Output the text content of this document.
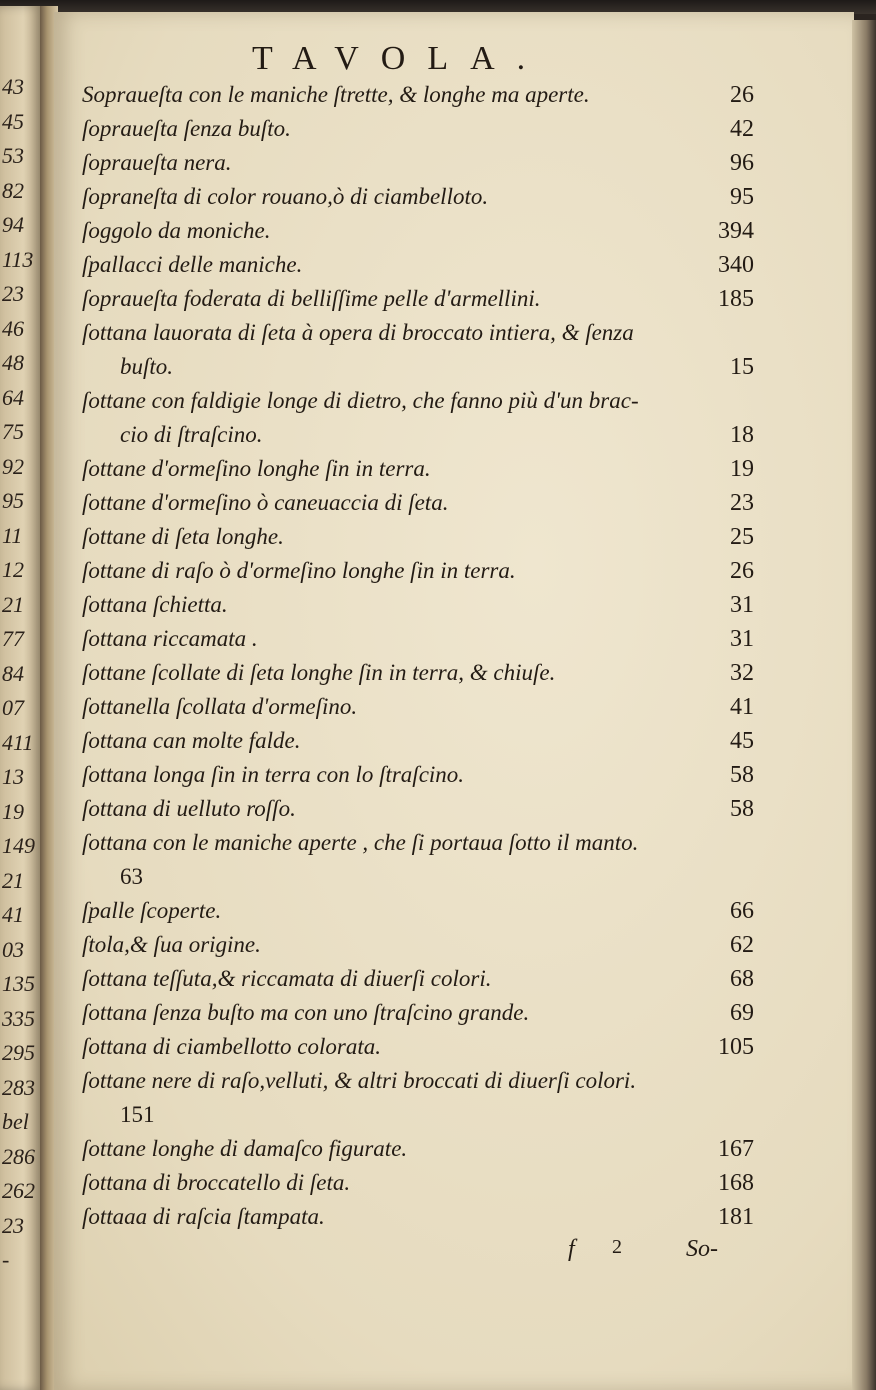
43
45
53
82
94
113
23
46
48
64
75
92
95
11
12
21
77
84
07
411
13
19
149
21
41
03
135
335
295
283
bel
286
262
23
-
TAVOLA.
Sopraueſta con le maniche ſtrette, & longhe ma aperte.	26
ſopraueſta ſenza buſto.	42
ſopraueſta nera.	96
ſopraneſta di color rouano,ò di ciambelloto.	95
ſoggolo da moniche.	394
ſpallacci delle maniche.	340
ſopraueſta foderata di belliſſime pelle d'armellini.	185
ſottana lauorata di ſeta à opera di broccato intiera, & ſenza
buſto.	15
ſottane con faldigie longe di dietro, che fanno più d'un brac-
cio di ſtraſcino.	18
ſottane d'ormeſino longhe ſin in terra.	19
ſottane d'ormeſino ò caneuaccia di ſeta.	23
ſottane di ſeta longhe.	25
ſottane di raſo ò d'ormeſino longhe ſin in terra.	26
ſottana ſchietta.	31
ſottana riccamata .	31
ſottane ſcollate di ſeta longhe ſin in terra, & chiuſe.	32
ſottanella ſcollata d'ormeſino.	41
ſottana can molte falde.	45
ſottana longa ſin in terra con lo ſtraſcino.	58
ſottana di uelluto roſſo.	58
ſottana con le maniche aperte , che ſi portaua ſotto il manto.
63
ſpalle ſcoperte.	66
ſtola,& ſua origine.	62
ſottana teſſuta,& riccamata di diuerſi colori.	68
ſottana ſenza buſto ma con uno ſtraſcino grande.	69
ſottana di ciambellotto colorata.	105
ſottane nere di raſo,velluti, & altri broccati di diuerſi colori.
151
ſottane longhe di damaſco figurate.	167
ſottana di broccatello di ſeta.	168
ſottaaa di raſcia ſtampata.	181
f 2	So-
